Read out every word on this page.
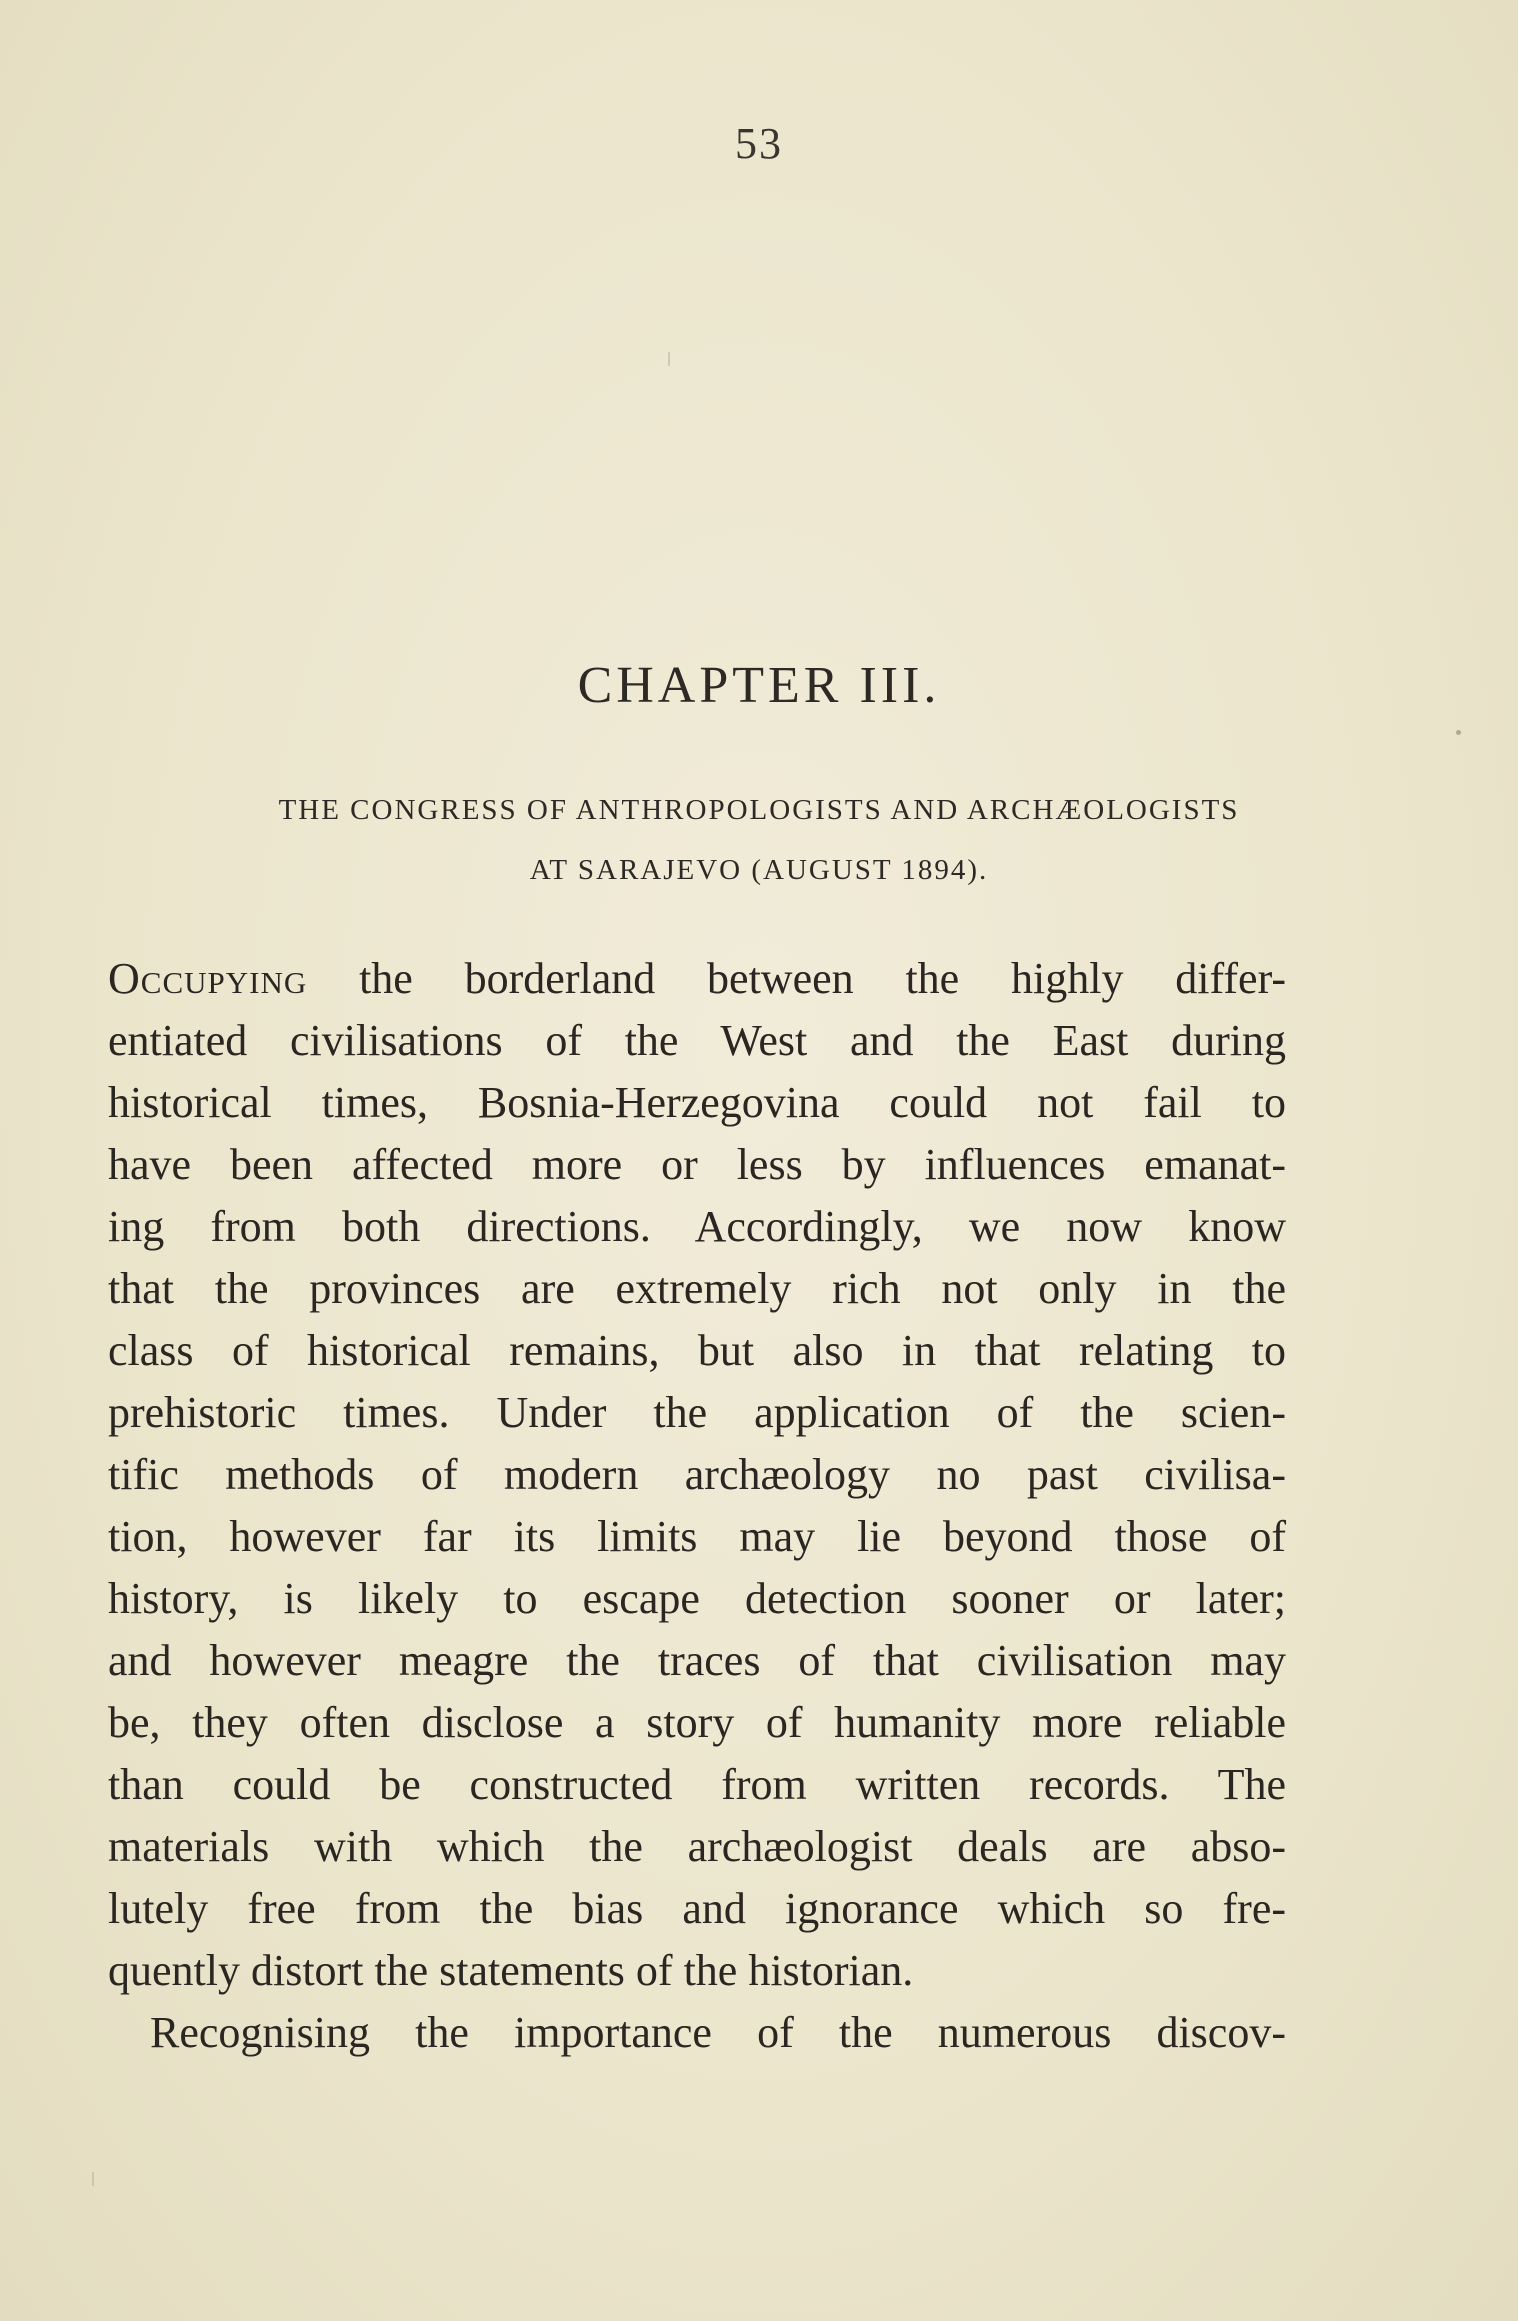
53
CHAPTER III.
THE CONGRESS OF ANTHROPOLOGISTS AND ARCHÆOLOGISTS
AT SARAJEVO (AUGUST 1894).
Occupying the borderland between the highly differ-
entiated civilisations of the West and the East during
historical times, Bosnia-Herzegovina could not fail to
have been affected more or less by influences emanat-
ing from both directions. Accordingly, we now know
that the provinces are extremely rich not only in the
class of historical remains, but also in that relating to
prehistoric times. Under the application of the scien-
tific methods of modern archæology no past civilisa-
tion, however far its limits may lie beyond those of
history, is likely to escape detection sooner or later;
and however meagre the traces of that civilisation may
be, they often disclose a story of humanity more reliable
than could be constructed from written records. The
materials with which the archæologist deals are abso-
lutely free from the bias and ignorance which so fre-
quently distort the statements of the historian.
Recognising the importance of the numerous discov-
